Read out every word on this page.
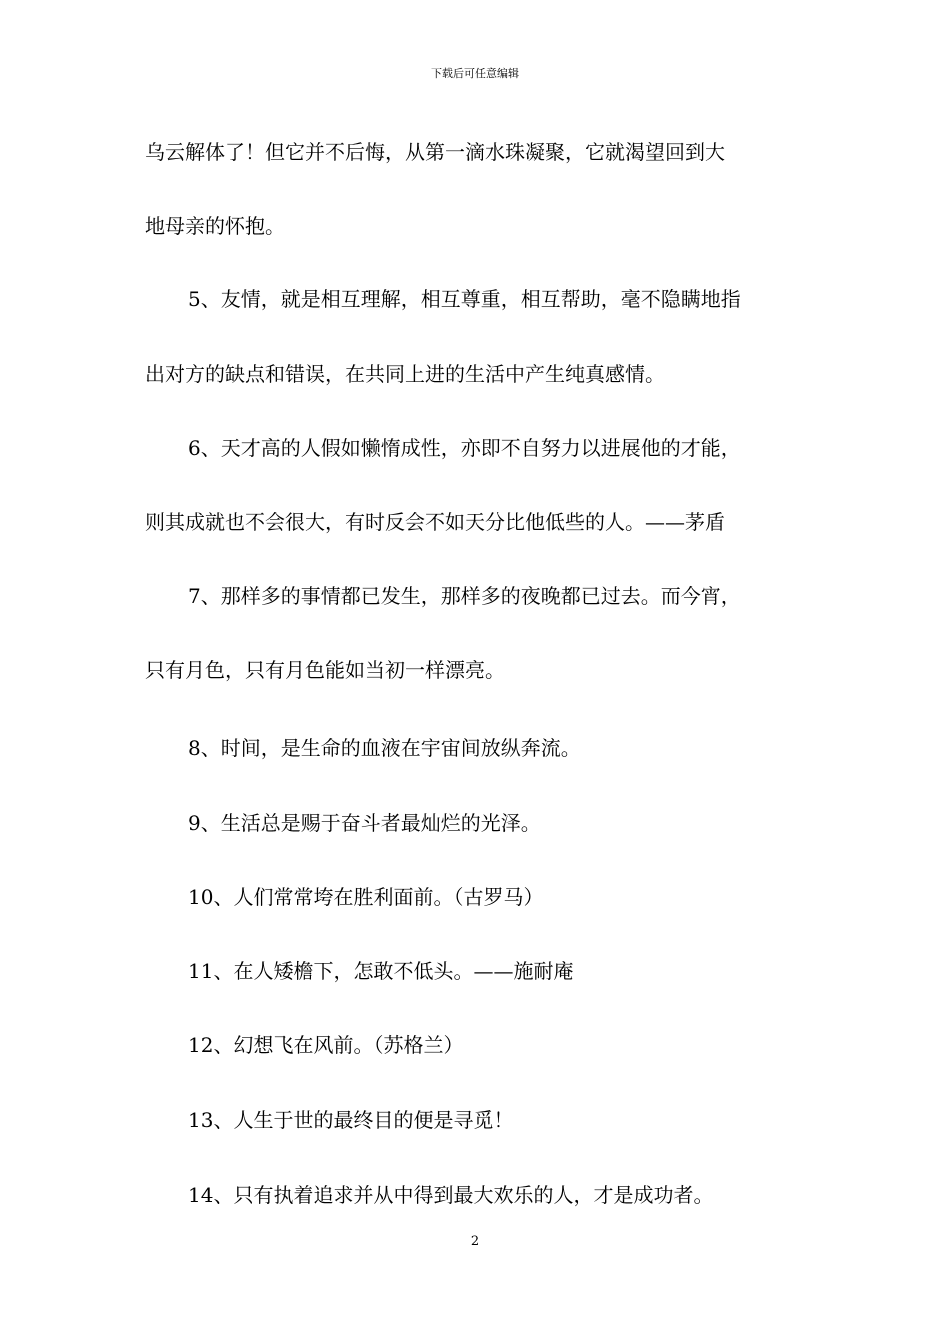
下载后可任意编辑
乌云解体了！但它并不后悔，从第一滴水珠凝聚，它就渴望回到大
地母亲的怀抱。
5、友情，就是相互理解，相互尊重，相互帮助，毫不隐瞒地指
出对方的缺点和错误，在共同上进的生活中产生纯真感情。
6、天才高的人假如懒惰成性，亦即不自努力以进展他的才能，
则其成就也不会很大，有时反会不如天分比他低些的人。——茅盾
7、那样多的事情都已发生，那样多的夜晚都已过去。而今宵，
只有月色，只有月色能如当初一样漂亮。
8、时间，是生命的血液在宇宙间放纵奔流。
9、生活总是赐于奋斗者最灿烂的光泽。
10、人们常常垮在胜利面前。（古罗马）
11、在人矮檐下，怎敢不低头。——施耐庵
12、幻想飞在风前。（苏格兰）
13、人生于世的最终目的便是寻觅！
14、只有执着追求并从中得到最大欢乐的人，才是成功者。
2
